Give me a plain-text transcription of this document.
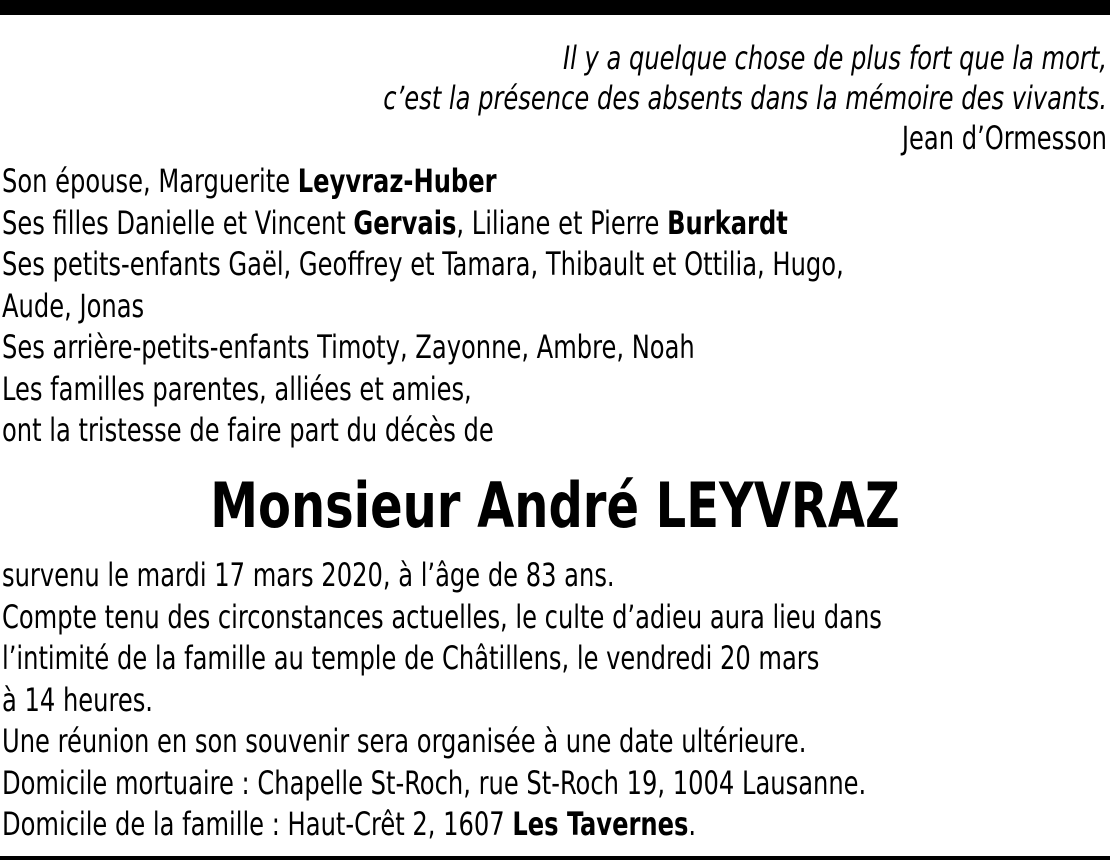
Il y a quelque chose de plus fort que la mort,
c’est la présence des absents dans la mémoire des vivants.
Jean d’Ormesson
Son épouse, Marguerite Leyvraz-Huber
Ses filles Danielle et Vincent Gervais, Liliane et Pierre Burkardt
Ses petits-enfants Gaël, Geoffrey et Tamara, Thibault et Ottilia, Hugo,
Aude, Jonas
Ses arrière-petits-enfants Timoty, Zayonne, Ambre, Noah
Les familles parentes, alliées et amies,
ont la tristesse de faire part du décès de
Monsieur André LEYVRAZ
survenu le mardi 17 mars 2020, à l’âge de 83 ans.
Compte tenu des circonstances actuelles, le culte d’adieu aura lieu dans
l’intimité de la famille au temple de Châtillens, le vendredi 20 mars
à 14 heures.
Une réunion en son souvenir sera organisée à une date ultérieure.
Domicile mortuaire : Chapelle St-Roch, rue St-Roch 19, 1004 Lausanne.
Domicile de la famille : Haut-Crêt 2, 1607 Les Tavernes.
